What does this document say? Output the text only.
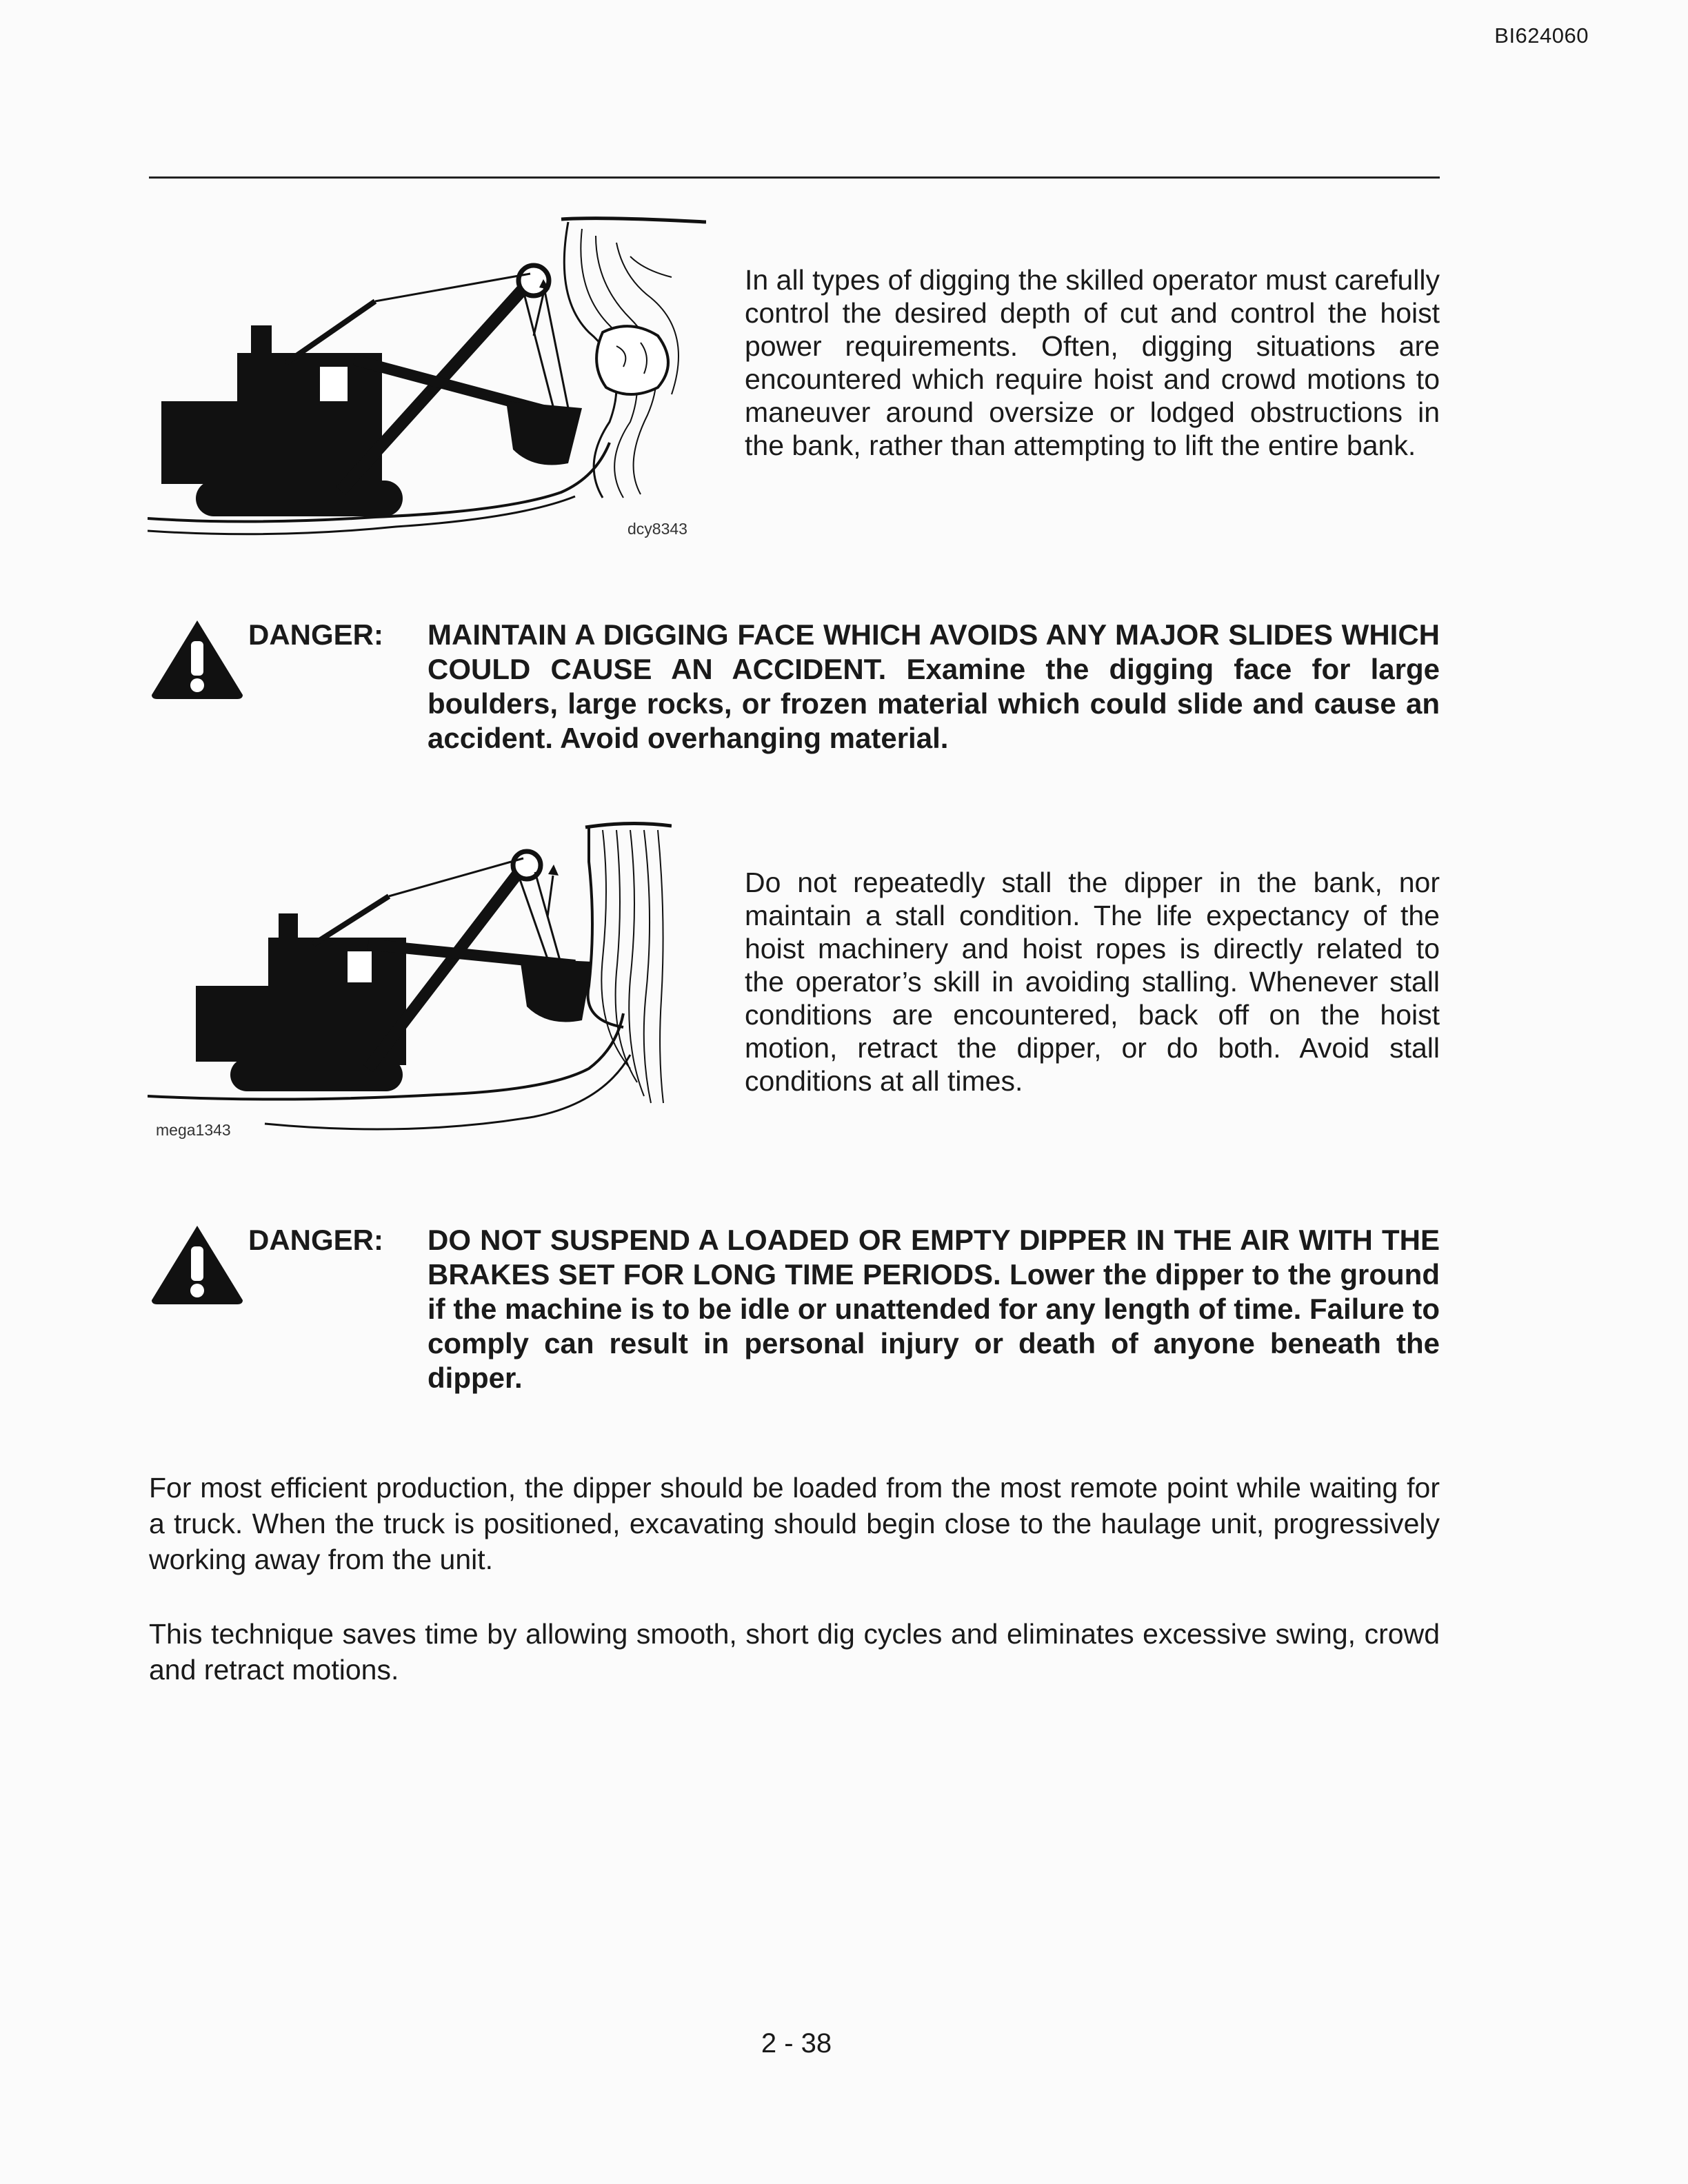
BI624060
dcy8343

In all types of digging the skilled operator must carefully control the desired depth of cut and control the hoist power requirements. Often, digging situations are encountered which require hoist and crowd motions to maneuver around oversize or lodged obstructions in the bank, rather than attempting to lift the entire bank.

DANGER: MAINTAIN A DIGGING FACE WHICH AVOIDS ANY MAJOR SLIDES WHICH COULD CAUSE AN ACCIDENT. Examine the digging face for large boulders, large rocks, or frozen material which could slide and cause an accident. Avoid overhanging material.

mega1343

Do not repeatedly stall the dipper in the bank, nor maintain a stall condition. The life expectancy of the hoist machinery and hoist ropes is directly related to the operator’s skill in avoiding stalling. Whenever stall conditions are encountered, back off on the hoist motion, retract the dipper, or do both. Avoid stall conditions at all times.

DANGER: DO NOT SUSPEND A LOADED OR EMPTY DIPPER IN THE AIR WITH THE BRAKES SET FOR LONG TIME PERIODS. Lower the dipper to the ground if the machine is to be idle or unattended for any length of time. Failure to comply can result in personal injury or death of anyone beneath the dipper.

For most efficient production, the dipper should be loaded from the most remote point while waiting for a truck. When the truck is positioned, excavating should begin close to the haulage unit, progressively working away from the unit.

This technique saves time by allowing smooth, short dig cycles and eliminates excessive swing, crowd and retract motions.

2 - 38
